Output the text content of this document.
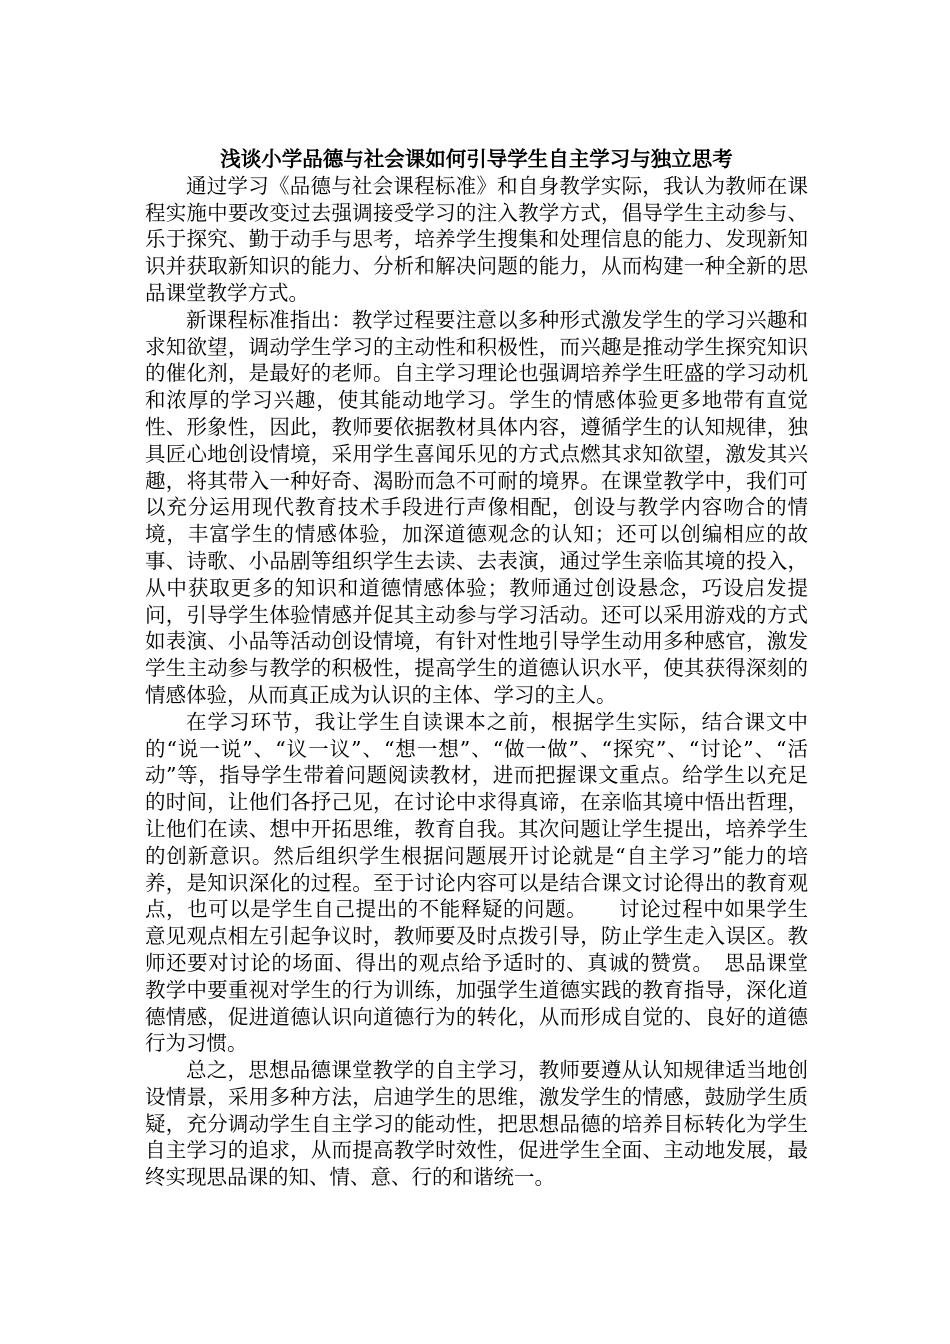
浅谈小学品德与社会课如何引导学生自主学习与独立思考

通过学习《品德与社会课程标准》和自身教学实际，我认为教师在课程实施中要改变过去强调接受学习的注入教学方式，倡导学生主动参与、乐于探究、勤于动手与思考，培养学生搜集和处理信息的能力、发现新知识并获取新知识的能力、分析和解决问题的能力，从而构建一种全新的思品课堂教学方式。

新课程标准指出：教学过程要注意以多种形式激发学生的学习兴趣和求知欲望，调动学生学习的主动性和积极性，而兴趣是推动学生探究知识的催化剂，是最好的老师。自主学习理论也强调培养学生旺盛的学习动机和浓厚的学习兴趣，使其能动地学习。学生的情感体验更多地带有直觉性、形象性，因此，教师要依据教材具体内容，遵循学生的认知规律，独具匠心地创设情境，采用学生喜闻乐见的方式点燃其求知欲望，激发其兴趣，将其带入一种好奇、渴盼而急不可耐的境界。在课堂教学中，我们可以充分运用现代教育技术手段进行声像相配，创设与教学内容吻合的情境，丰富学生的情感体验，加深道德观念的认知；还可以创编相应的故事、诗歌、小品剧等组织学生去读、去表演，通过学生亲临其境的投入，从中获取更多的知识和道德情感体验；教师通过创设悬念，巧设启发提问，引导学生体验情感并促其主动参与学习活动。还可以采用游戏的方式如表演、小品等活动创设情境，有针对性地引导学生动用多种感官，激发学生主动参与教学的积极性，提高学生的道德认识水平，使其获得深刻的情感体验，从而真正成为认识的主体、学习的主人。

在学习环节，我让学生自读课本之前，根据学生实际，结合课文中的“说一说”、“议一议”、“想一想”、“做一做”、“探究”、“讨论”、“活动”等，指导学生带着问题阅读教材，进而把握课文重点。给学生以充足的时间，让他们各抒己见，在讨论中求得真谛，在亲临其境中悟出哲理，让他们在读、想中开拓思维，教育自我。其次问题让学生提出，培养学生的创新意识。然后组织学生根据问题展开讨论就是“自主学习”能力的培养，是知识深化的过程。至于讨论内容可以是结合课文讨论得出的教育观点，也可以是学生自己提出的不能释疑的问题。　　讨论过程中如果学生意见观点相左引起争议时，教师要及时点拨引导，防止学生走入误区。教师还要对讨论的场面、得出的观点给予适时的、真诚的赞赏。　思品课堂教学中要重视对学生的行为训练，加强学生道德实践的教育指导，深化道德情感，促进道德认识向道德行为的转化，从而形成自觉的、良好的道德行为习惯。

总之，思想品德课堂教学的自主学习，教师要遵从认知规律适当地创设情景，采用多种方法，启迪学生的思维，激发学生的情感，鼓励学生质疑，充分调动学生自主学习的能动性，把思想品德的培养目标转化为学生自主学习的追求，从而提高教学时效性，促进学生全面、主动地发展，最终实现思品课的知、情、意、行的和谐统一。
